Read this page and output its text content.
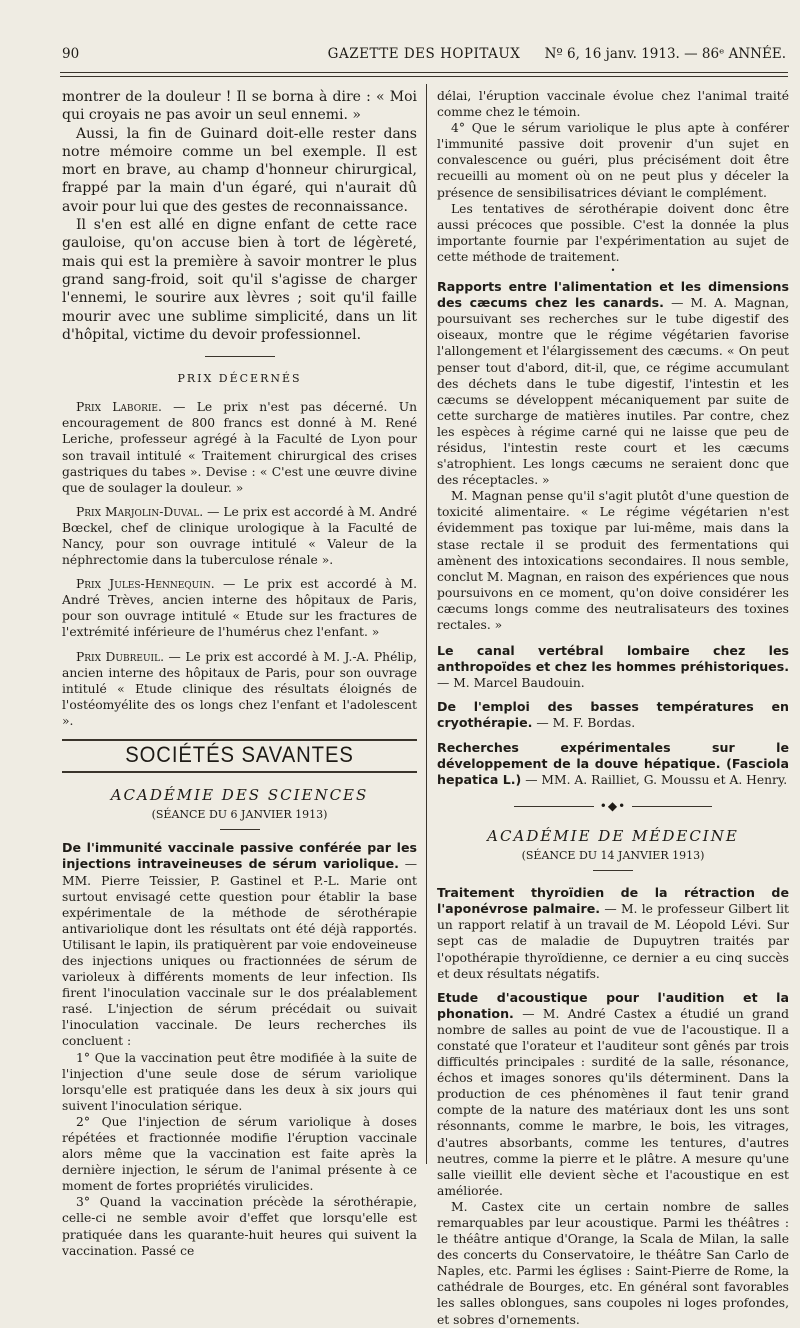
90	GAZETTE DES HOPITAUX	Nº 6, 16 janv. 1913. — 86ᵉ ANNÉE.

montrer de la douleur ! Il se borna à dire : « Moi qui croyais ne pas avoir un seul ennemi. »

Aussi, la fin de Guinard doit-elle rester dans notre mémoire comme un bel exemple. Il est mort en brave, au champ d'honneur chirurgical, frappé par la main d'un égaré, qui n'aurait dû avoir pour lui que des gestes de reconnaissance.

Il s'en est allé en digne enfant de cette race gauloise, qu'on accuse bien à tort de légèreté, mais qui est la première à savoir montrer le plus grand sang-froid, soit qu'il s'agisse de charger l'ennemi, le sourire aux lèvres ; soit qu'il faille mourir avec une sublime simplicité, dans un lit d'hôpital, victime du devoir professionnel.

PRIX DÉCERNÉS

Prix Laborie. — Le prix n'est pas décerné. Un encouragement de 800 francs est donné à M. René Leriche, professeur agrégé à la Faculté de Lyon pour son travail intitulé « Traitement chirurgical des crises gastriques du tabes ». Devise : « C'est une œuvre divine que de soulager la douleur. »

Prix Marjolin-Duval. — Le prix est accordé à M. André Bœckel, chef de clinique urologique à la Faculté de Nancy, pour son ouvrage intitulé « Valeur de la néphrectomie dans la tuberculose rénale ».

Prix Jules-Hennequin. — Le prix est accordé à M. André Trèves, ancien interne des hôpitaux de Paris, pour son ouvrage intitulé « Etude sur les fractures de l'extrémité inférieure de l'humérus chez l'enfant. »

Prix Dubreuil. — Le prix est accordé à M. J.-A. Phélip, ancien interne des hôpitaux de Paris, pour son ouvrage intitulé « Etude clinique des résultats éloignés de l'ostéomyélite des os longs chez l'enfant et l'adolescent ».

SOCIÉTÉS SAVANTES
ACADÉMIE DES SCIENCES
(SÉANCE DU 6 JANVIER 1913)

De l'immunité vaccinale passive conférée par les injections intraveineuses de sérum variolique. — MM. Pierre Teissier, P. Gastinel et P.-L. Marie ont surtout envisagé cette question pour établir la base expérimentale de la méthode de sérothérapie antivariolique dont les résultats ont été déjà rapportés. Utilisant le lapin, ils pratiquèrent par voie endoveineuse des injections uniques ou fractionnées de sérum de varioleux à différents moments de leur infection. Ils firent l'inoculation vaccinale sur le dos préalablement rasé. L'injection de sérum précédait ou suivait l'inoculation vaccinale. De leurs recherches ils concluent :

1° Que la vaccination peut être modifiée à la suite de l'injection d'une seule dose de sérum variolique lorsqu'elle est pratiquée dans les deux à six jours qui suivent l'inoculation sérique.

2° Que l'injection de sérum variolique à doses répétées et fractionnée modifie l'éruption vaccinale alors même que la vaccination est faite après la dernière injection, le sérum de l'animal présente à ce moment de fortes propriétés virulicides.

3° Quand la vaccination précède la sérothérapie, celle-ci ne semble avoir d'effet que lorsqu'elle est pratiquée dans les quarante-huit heures qui suivent la vaccination. Passé ce

délai, l'éruption vaccinale évolue chez l'animal traité comme chez le témoin.

4° Que le sérum variolique le plus apte à conférer l'immunité passive doit provenir d'un sujet en convalescence ou guéri, plus précisément doit être recueilli au moment où on ne peut plus y déceler la présence de sensibilisatrices déviant le complément.

Les tentatives de sérothérapie doivent donc être aussi précoces que possible. C'est la donnée la plus importante fournie par l'expérimentation au sujet de cette méthode de traitement.

•

Rapports entre l'alimentation et les dimensions des cæcums chez les canards. — M. A. Magnan, poursuivant ses recherches sur le tube digestif des oiseaux, montre que le régime végétarien favorise l'allongement et l'élargissement des cæcums. « On peut penser tout d'abord, dit-il, que, ce régime accumulant des déchets dans le tube digestif, l'intestin et les cæcums se développent mécaniquement par suite de cette surcharge de matières inutiles. Par contre, chez les espèces à régime carné qui ne laisse que peu de résidus, l'intestin reste court et les cæcums s'atrophient. Les longs cæcums ne seraient donc que des réceptacles. »

M. Magnan pense qu'il s'agit plutôt d'une question de toxicité alimentaire. « Le régime végétarien n'est évidemment pas toxique par lui-même, mais dans la stase rectale il se produit des fermentations qui amènent des intoxications secondaires. Il nous semble, conclut M. Magnan, en raison des expériences que nous poursuivons en ce moment, qu'on doive considérer les cæcums longs comme des neutralisateurs des toxines rectales. »

Le canal vertébral lombaire chez les anthropoïdes et chez les hommes préhistoriques. — M. Marcel Baudouin.

De l'emploi des basses températures en cryothérapie. — M. F. Bordas.

Recherches expérimentales sur le développement de la douve hépatique. (Fasciola hepatica L.) — MM. A. Railliet, G. Moussu et A. Henry.

•◆•
ACADÉMIE DE MÉDECINE
(SÉANCE DU 14 JANVIER 1913)

Traitement thyroïdien de la rétraction de l'aponévrose palmaire. — M. le professeur Gilbert lit un rapport relatif à un travail de M. Léopold Lévi. Sur sept cas de maladie de Dupuytren traités par l'opothérapie thyroïdienne, ce dernier a eu cinq succès et deux résultats négatifs.

Etude d'acoustique pour l'audition et la phonation. — M. André Castex a étudié un grand nombre de salles au point de vue de l'acoustique. Il a constaté que l'orateur et l'auditeur sont gênés par trois difficultés principales : surdité de la salle, résonance, échos et images sonores qu'ils déterminent. Dans la production de ces phénomènes il faut tenir grand compte de la nature des matériaux dont les uns sont résonnants, comme le marbre, le bois, les vitrages, d'autres absorbants, comme les tentures, d'autres neutres, comme la pierre et le plâtre. A mesure qu'une salle vieillit elle devient sèche et l'acoustique en est améliorée.

M. Castex cite un certain nombre de salles remarquables par leur acoustique. Parmi les théâtres : le théâtre antique d'Orange, la Scala de Milan, la salle des concerts du Conservatoire, le théâtre San Carlo de Naples, etc. Parmi les églises : Saint-Pierre de Rome, la cathédrale de Bourges, etc. En général sont favorables les salles oblongues, sans coupoles ni loges profondes, et sobres d'ornements.
